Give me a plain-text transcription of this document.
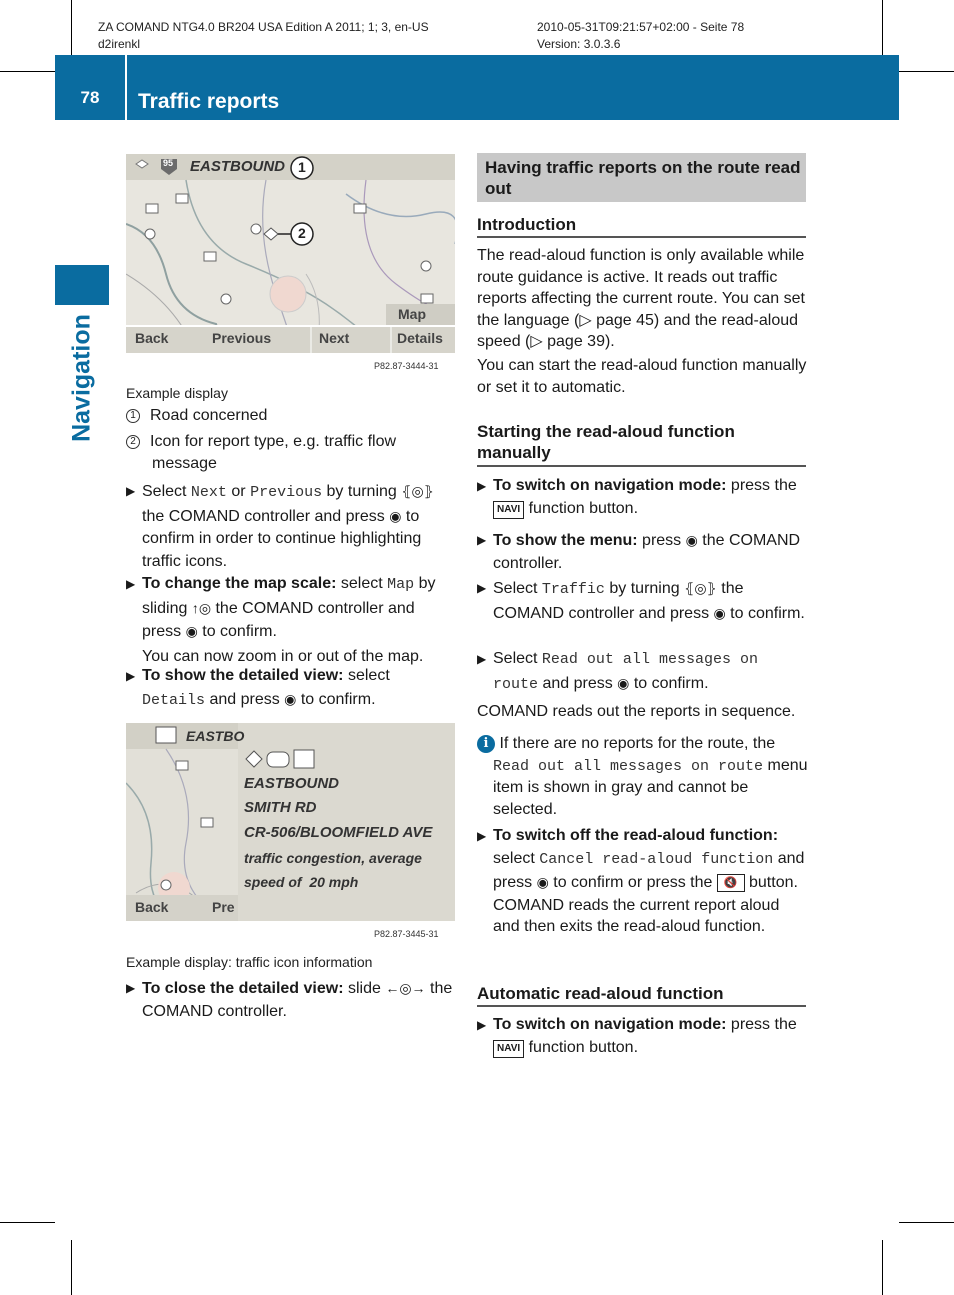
ZA COMAND NTG4.0 BR204 USA Edition A 2011; 1; 3, en-US
d2irenkl
2010-05-31T09:21:57+02:00 - Seite 78
Version: 3.0.3.6
78	Traffic reports
Navigation
95 EASTBOUND 1
2
Map
Back	Previous	Next	Details
P82.87-3444-31
Example display
1 Road concerned
2 Icon for report type, e.g. traffic flow message
▶ Select Next or Previous by turning ⦃◎⦄ the COMAND controller and press ◉ to confirm in order to continue highlighting traffic icons.
▶ To change the map scale: select Map by sliding ↑◎ the COMAND controller and press ◉ to confirm.
You can now zoom in or out of the map.
▶ To show the detailed view: select Details and press ◉ to confirm.
EASTBO
EASTBOUND
SMITH RD
CR-506/BLOOMFIELD AVE
traffic congestion, average
speed of  20 mph
Back	Pre
P82.87-3445-31
Example display: traffic icon information
▶ To close the detailed view: slide ←◎→ the COMAND controller.
Having traffic reports on the route read out
Introduction
The read-aloud function is only available while route guidance is active. It reads out traffic reports affecting the current route. You can set the language (▷ page 45) and the read-aloud speed (▷ page 39).
You can start the read-aloud function manually or set it to automatic.
Starting the read-aloud function manually
▶ To switch on navigation mode: press the NAVI function button.
▶ To show the menu: press ◉ the COMAND controller.
▶ Select Traffic by turning ⦃◎⦄ the COMAND controller and press ◉ to confirm.
▶ Select Read out all messages on route and press ◉ to confirm.
COMAND reads out the reports in sequence.
i If there are no reports for the route, the Read out all messages on route menu item is shown in gray and cannot be selected.
▶ To switch off the read-aloud function: select Cancel read-aloud function and press ◉ to confirm or press the 🔇 button.
COMAND reads the current report aloud and then exits the read-aloud function.
Automatic read-aloud function
▶ To switch on navigation mode: press the NAVI function button.
